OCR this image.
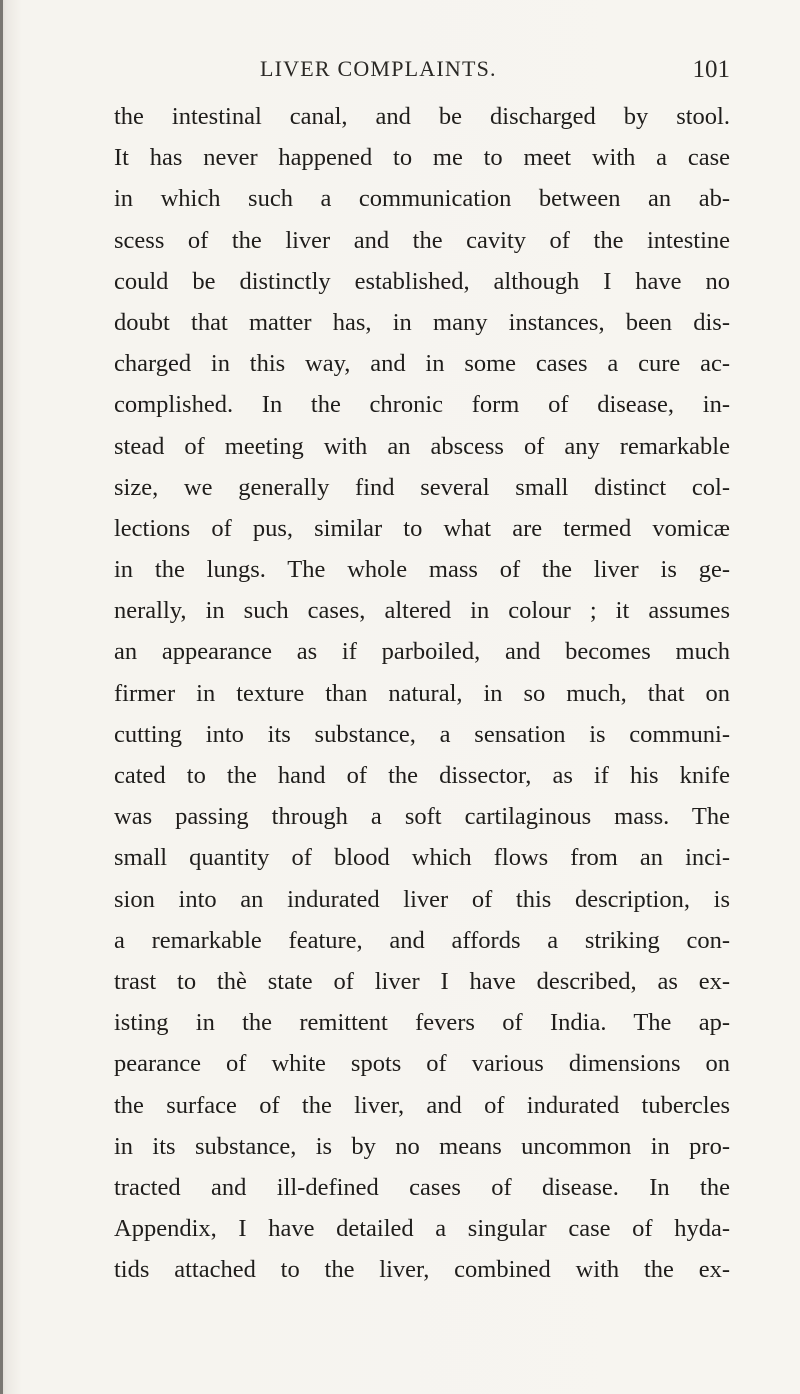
LIVER COMPLAINTS.	101
the intestinal canal, and be discharged by stool.
It has never happened to me to meet with a case
in which such a communication between an ab-
scess of the liver and the cavity of the intestine
could be distinctly established, although I have no
doubt that matter has, in many instances, been dis-
charged in this way, and in some cases a cure ac-
complished. In the chronic form of disease, in-
stead of meeting with an abscess of any remarkable
size, we generally find several small distinct col-
lections of pus, similar to what are termed vomicæ
in the lungs. The whole mass of the liver is ge-
nerally, in such cases, altered in colour ; it assumes
an appearance as if parboiled, and becomes much
firmer in texture than natural, in so much, that on
cutting into its substance, a sensation is communi-
cated to the hand of the dissector, as if his knife
was passing through a soft cartilaginous mass. The
small quantity of blood which flows from an inci-
sion into an indurated liver of this description, is
a remarkable feature, and affords a striking con-
trast to thè state of liver I have described, as ex-
isting in the remittent fevers of India. The ap-
pearance of white spots of various dimensions on
the surface of the liver, and of indurated tubercles
in its substance, is by no means uncommon in pro-
tracted and ill-defined cases of disease. In the
Appendix, I have detailed a singular case of hyda-
tids attached to the liver, combined with the ex-
